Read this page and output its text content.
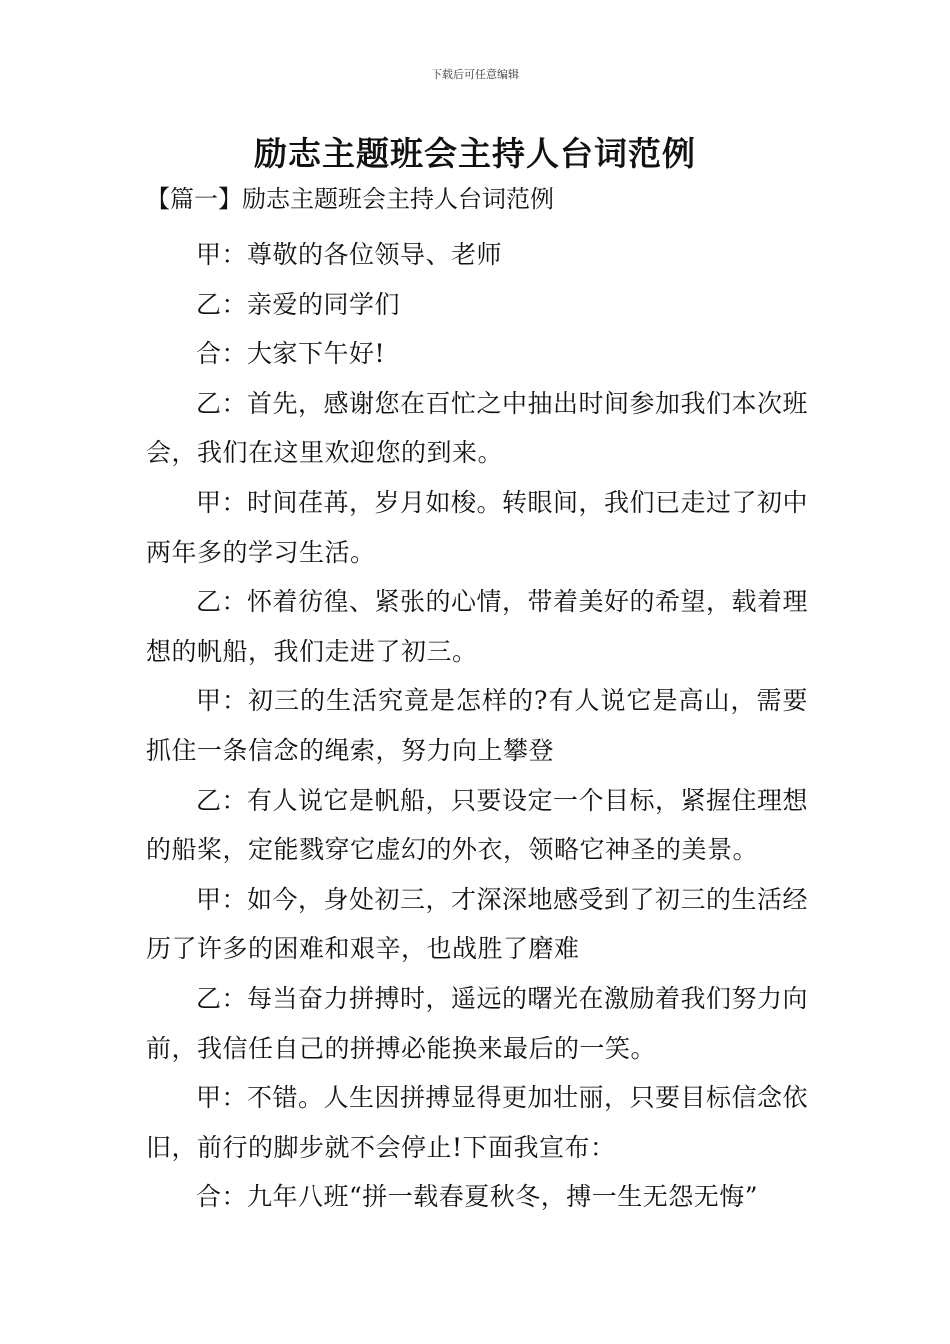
下载后可任意编辑
励志主题班会主持人台词范例
【篇一】励志主题班会主持人台词范例

甲：尊敬的各位领导、老师

乙：亲爱的同学们

合：大家下午好!

乙：首先，感谢您在百忙之中抽出时间参加我们本次班会，我们在这里欢迎您的到来。

甲：时间荏苒，岁月如梭。转眼间，我们已走过了初中两年多的学习生活。

乙：怀着彷徨、紧张的心情，带着美好的希望，载着理想的帆船，我们走进了初三。

甲：初三的生活究竟是怎样的?有人说它是高山，需要抓住一条信念的绳索，努力向上攀登

乙：有人说它是帆船，只要设定一个目标，紧握住理想的船桨，定能戮穿它虚幻的外衣，领略它神圣的美景。

甲：如今，身处初三，才深深地感受到了初三的生活经历了许多的困难和艰辛，也战胜了磨难

乙：每当奋力拼搏时，遥远的曙光在激励着我们努力向前，我信任自己的拼搏必能换来最后的一笑。

甲：不错。人生因拼搏显得更加壮丽，只要目标信念依旧，前行的脚步就不会停止!下面我宣布：

合：九年八班“拼一载春夏秋冬，搏一生无怨无悔”
